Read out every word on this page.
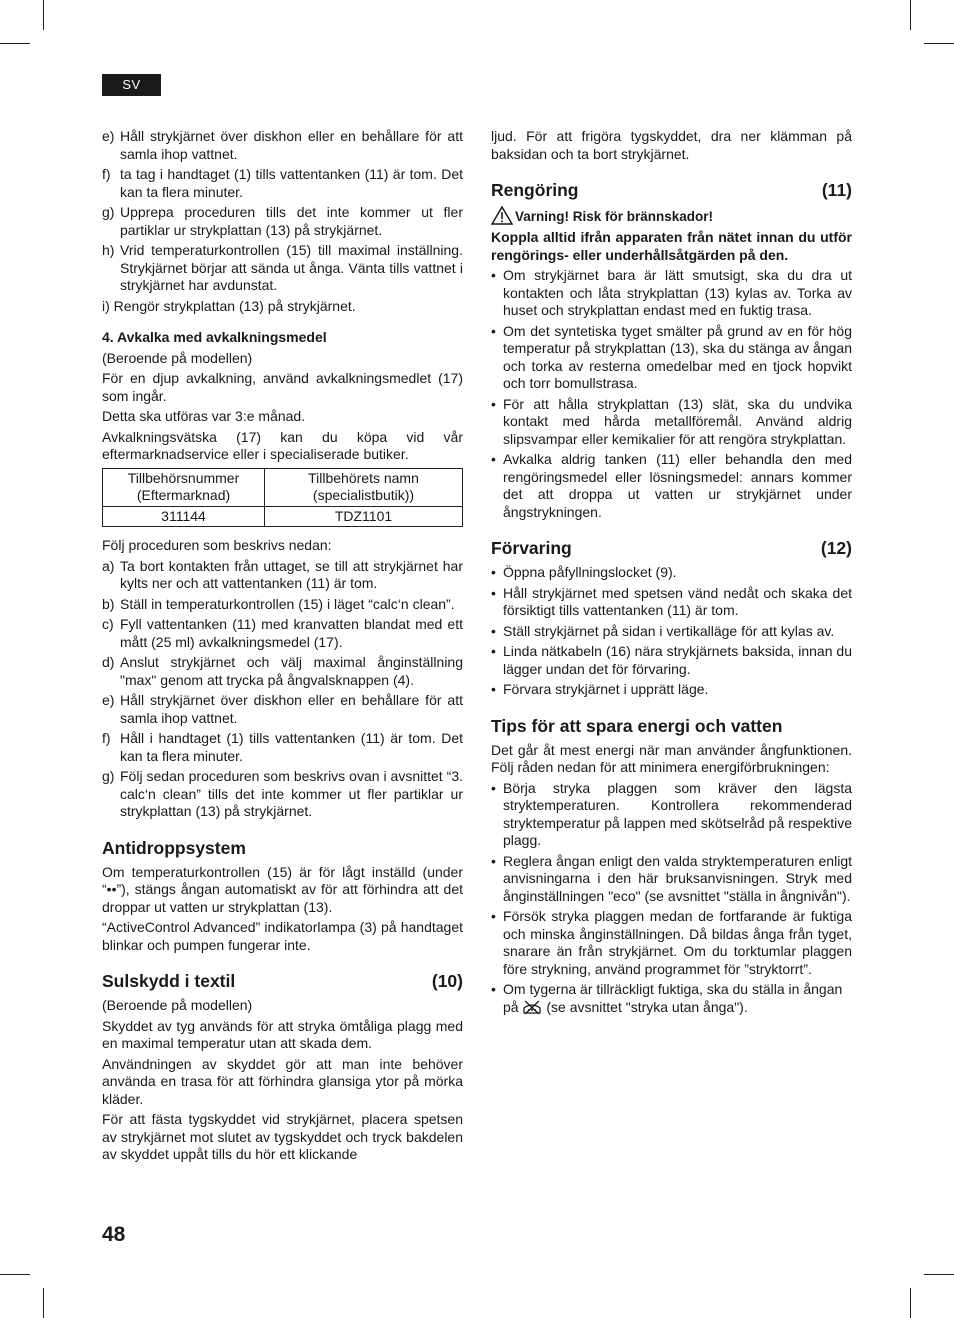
SV
e) Håll strykjärnet över diskhon eller en behållare för att samla ihop vattnet.
f) ta tag i handtaget (1) tills vattentanken (11) är tom. Det kan ta flera minuter.
g) Upprepa proceduren tills det inte kommer ut fler partiklar ur strykplattan (13) på strykjärnet.
h) Vrid temperaturkontrollen (15) till maximal inställning. Strykjärnet börjar att sända ut ånga. Vänta tills vattnet i strykjärnet har avdunstat.

i) Rengör strykplattan (13) på strykjärnet.

4. Avkalka med avkalkningsmedel

(Beroende på modellen)

För en djup avkalkning, använd avkalkningsmedlet (17) som ingår.

Detta ska utföras var 3:e månad.

Avkalkningsvätska (17) kan du köpa vid vår eftermarknadservice eller i specialiserade butiker.

Tillbehörsnummer (Eftermarknad)	Tillbehörets namn (specialistbutik))
311144	TDZ1101

Följ proceduren som beskrivs nedan:

a) Ta bort kontakten från uttaget, se till att strykjärnet har kylts ner och att vattentanken (11) är tom.
b) Ställ in temperaturkontrollen (15) i läget “calc‘n clean”.
c) Fyll vattentanken (11) med kranvatten blandat med ett mått (25 ml) avkalkningsmedel (17).
d) Anslut strykjärnet och välj maximal ånginställning "max" genom att trycka på ångvalsknappen (4).
e) Håll strykjärnet över diskhon eller en behållare för att samla ihop vattnet.
f) Håll i handtaget (1) tills vattentanken (11) är tom. Det kan ta flera minuter.
g) Följ sedan proceduren som beskrivs ovan i avsnittet “3. calc‘n clean” tills det inte kommer ut fler partiklar ur strykplattan (13) på strykjärnet.
Antidroppsystem

Om temperaturkontrollen (15) är för lågt inställd (under “••”), stängs ångan automatiskt av för att förhindra att det droppar ut vatten ur strykplattan (13).

“ActiveControl Advanced” indikatorlampa (3) på handtaget blinkar och pumpen fungerar inte.

Sulskydd i textil	(10)

(Beroende på modellen)

Skyddet av tyg används för att stryka ömtåliga plagg med en maximal temperatur utan att skada dem.

Användningen av skyddet gör att man inte behöver använda en trasa för att förhindra glansiga ytor på mörka kläder.

För att fästa tygskyddet vid strykjärnet, placera spetsen av strykjärnet mot slutet av tygskyddet och tryck bakdelen av skyddet uppåt tills du hör ett klickande

ljud. För att frigöra tygskyddet, dra ner klämman på baksidan och ta bort strykjärnet.

Rengöring	(11)
Varning! Risk för brännskador!

Koppla alltid ifrån apparaten från nätet innan du utför rengörings- eller underhållsåtgärden på den.

• Om strykjärnet bara är lätt smutsigt, ska du dra ut kontakten och låta strykplattan (13) kylas av. Torka av huset och strykplattan endast med en fuktig trasa.
• Om det syntetiska tyget smälter på grund av en för hög temperatur på strykplattan (13), ska du stänga av ångan och torka av resterna omedelbar med en tjock hopvikt och torr bomullstrasa.
• För att hålla strykplattan (13) slät, ska du undvika kontakt med hårda metallföremål. Använd aldrig slipsvampar eller kemikalier för att rengöra strykplattan.
• Avkalka aldrig tanken (11) eller behandla den med rengöringsmedel eller lösningsmedel: annars kommer det att droppa ut vatten ur strykjärnet under ångstrykningen.
Förvaring	(12)
• Öppna påfyllningslocket (9).
• Håll strykjärnet med spetsen vänd nedåt och skaka det försiktigt tills vattentanken (11) är tom.
• Ställ strykjärnet på sidan i vertikalläge för att kylas av.
• Linda nätkabeln (16) nära strykjärnets baksida, innan du lägger undan det för förvaring.
• Förvara strykjärnet i upprätt läge.
Tips för att spara energi och vatten

Det går åt mest energi när man använder ångfunktionen. Följ råden nedan för att minimera energiförbrukningen:

• Börja stryka plaggen som kräver den lägsta stryktemperaturen. Kontrollera rekommenderad stryktemperatur på lappen med skötselråd på respektive plagg.
• Reglera ångan enligt den valda stryktemperaturen enligt anvisningarna i den här bruksanvisningen. Stryk med ånginställningen "eco" (se avsnittet "ställa in ångnivån").
• Försök stryka plaggen medan de fortfarande är fuktiga och minska ånginställningen. Då bildas ånga från tyget, snarare än från strykjärnet. Om du torktumlar plaggen före strykning, använd programmet för ”stryktorrt”.
• Om tygerna är tillräckligt fuktiga, ska du ställa in ångan på (se avsnittet "stryka utan ånga").
48
